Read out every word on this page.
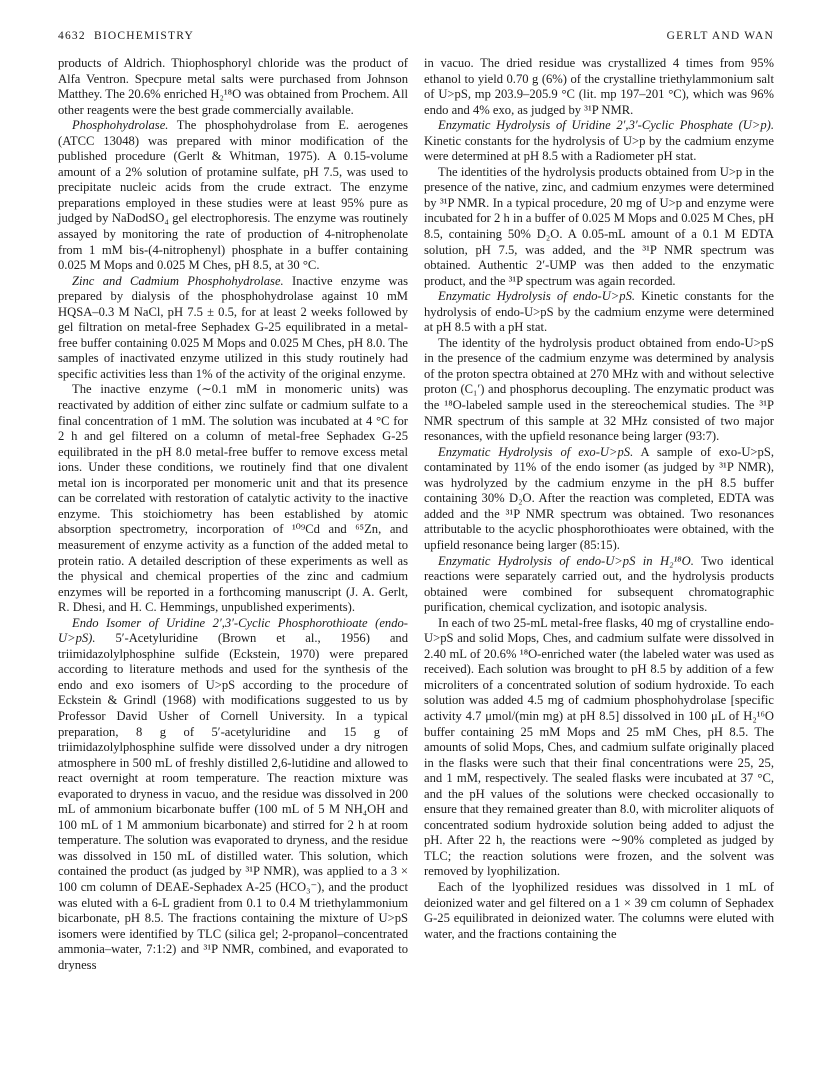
4632 BIOCHEMISTRY	GERLT AND WAN

products of Aldrich. Thiophosphoryl chloride was the product of Alfa Ventron. Specpure metal salts were purchased from Johnson Matthey. The 20.6% enriched H₂¹⁸O was obtained from Prochem. All other reagents were the best grade commercially available.

Phosphohydrolase. The phosphohydrolase from E. aerogenes (ATCC 13048) was prepared with minor modification of the published procedure (Gerlt & Whitman, 1975). A 0.15-volume amount of a 2% solution of protamine sulfate, pH 7.5, was used to precipitate nucleic acids from the crude extract. The enzyme preparations employed in these studies were at least 95% pure as judged by NaDodSO₄ gel electrophoresis. The enzyme was routinely assayed by monitoring the rate of production of 4-nitrophenolate from 1 mM bis-(4-nitrophenyl) phosphate in a buffer containing 0.025 M Mops and 0.025 M Ches, pH 8.5, at 30 °C.

Zinc and Cadmium Phosphohydrolase. Inactive enzyme was prepared by dialysis of the phosphohydrolase against 10 mM HQSA–0.3 M NaCl, pH 7.5 ± 0.5, for at least 2 weeks followed by gel filtration on metal-free Sephadex G-25 equilibrated in a metal-free buffer containing 0.025 M Mops and 0.025 M Ches, pH 8.0. The samples of inactivated enzyme utilized in this study routinely had specific activities less than 1% of the activity of the original enzyme.

The inactive enzyme (∼0.1 mM in monomeric units) was reactivated by addition of either zinc sulfate or cadmium sulfate to a final concentration of 1 mM. The solution was incubated at 4 °C for 2 h and gel filtered on a column of metal-free Sephadex G-25 equilibrated in the pH 8.0 metal-free buffer to remove excess metal ions. Under these conditions, we routinely find that one divalent metal ion is incorporated per monomeric unit and that its presence can be correlated with restoration of catalytic activity to the inactive enzyme. This stoichiometry has been established by atomic absorption spectrometry, incorporation of ¹⁰⁹Cd and ⁶⁵Zn, and measurement of enzyme activity as a function of the added metal to protein ratio. A detailed description of these experiments as well as the physical and chemical properties of the zinc and cadmium enzymes will be reported in a forthcoming manuscript (J. A. Gerlt, R. Dhesi, and H. C. Hemmings, unpublished experiments).

Endo Isomer of Uridine 2′,3′-Cyclic Phosphorothioate (endo-U>pS). 5′-Acetyluridine (Brown et al., 1956) and triimidazolylphosphine sulfide (Eckstein, 1970) were prepared according to literature methods and used for the synthesis of the endo and exo isomers of U>pS according to the procedure of Eckstein & Grindl (1968) with modifications suggested to us by Professor David Usher of Cornell University. In a typical preparation, 8 g of 5′-acetyluridine and 15 g of triimidazolylphosphine sulfide were dissolved under a dry nitrogen atmosphere in 500 mL of freshly distilled 2,6-lutidine and allowed to react overnight at room temperature. The reaction mixture was evaporated to dryness in vacuo, and the residue was dissolved in 200 mL of ammonium bicarbonate buffer (100 mL of 5 M NH₄OH and 100 mL of 1 M ammonium bicarbonate) and stirred for 2 h at room temperature. The solution was evaporated to dryness, and the residue was dissolved in 150 mL of distilled water. This solution, which contained the product (as judged by ³¹P NMR), was applied to a 3 × 100 cm column of DEAE-Sephadex A-25 (HCO₃⁻), and the product was eluted with a 6-L gradient from 0.1 to 0.4 M triethylammonium bicarbonate, pH 8.5. The fractions containing the mixture of U>pS isomers were identified by TLC (silica gel; 2-propanol–concentrated ammonia–water, 7:1:2) and ³¹P NMR, combined, and evaporated to dryness

in vacuo. The dried residue was crystallized 4 times from 95% ethanol to yield 0.70 g (6%) of the crystalline triethylammonium salt of U>pS, mp 203.9–205.9 °C (lit. mp 197–201 °C), which was 96% endo and 4% exo, as judged by ³¹P NMR.

Enzymatic Hydrolysis of Uridine 2′,3′-Cyclic Phosphate (U>p). Kinetic constants for the hydrolysis of U>p by the cadmium enzyme were determined at pH 8.5 with a Radiometer pH stat.

The identities of the hydrolysis products obtained from U>p in the presence of the native, zinc, and cadmium enzymes were determined by ³¹P NMR. In a typical procedure, 20 mg of U>p and enzyme were incubated for 2 h in a buffer of 0.025 M Mops and 0.025 M Ches, pH 8.5, containing 50% D₂O. A 0.05-mL amount of a 0.1 M EDTA solution, pH 7.5, was added, and the ³¹P NMR spectrum was obtained. Authentic 2′-UMP was then added to the enzymatic product, and the ³¹P spectrum was again recorded.

Enzymatic Hydrolysis of endo-U>pS. Kinetic constants for the hydrolysis of endo-U>pS by the cadmium enzyme were determined at pH 8.5 with a pH stat.

The identity of the hydrolysis product obtained from endo-U>pS in the presence of the cadmium enzyme was determined by analysis of the proton spectra obtained at 270 MHz with and without selective proton (C₁′) and phosphorus decoupling. The enzymatic product was the ¹⁸O-labeled sample used in the stereochemical studies. The ³¹P NMR spectrum of this sample at 32 MHz consisted of two major resonances, with the upfield resonance being larger (93:7).

Enzymatic Hydrolysis of exo-U>pS. A sample of exo-U>pS, contaminated by 11% of the endo isomer (as judged by ³¹P NMR), was hydrolyzed by the cadmium enzyme in the pH 8.5 buffer containing 30% D₂O. After the reaction was completed, EDTA was added and the ³¹P NMR spectrum was obtained. Two resonances attributable to the acyclic phosphorothioates were obtained, with the upfield resonance being larger (85:15).

Enzymatic Hydrolysis of endo-U>pS in H₂¹⁸O. Two identical reactions were separately carried out, and the hydrolysis products obtained were combined for subsequent chromatographic purification, chemical cyclization, and isotopic analysis.

In each of two 25-mL metal-free flasks, 40 mg of crystalline endo-U>pS and solid Mops, Ches, and cadmium sulfate were dissolved in 2.40 mL of 20.6% ¹⁸O-enriched water (the labeled water was used as received). Each solution was brought to pH 8.5 by addition of a few microliters of a concentrated solution of sodium hydroxide. To each solution was added 4.5 mg of cadmium phosphohydrolase [specific activity 4.7 μmol/(min mg) at pH 8.5] dissolved in 100 μL of H₂¹⁶O buffer containing 25 mM Mops and 25 mM Ches, pH 8.5. The amounts of solid Mops, Ches, and cadmium sulfate originally placed in the flasks were such that their final concentrations were 25, 25, and 1 mM, respectively. The sealed flasks were incubated at 37 °C, and the pH values of the solutions were checked occasionally to ensure that they remained greater than 8.0, with microliter aliquots of concentrated sodium hydroxide solution being added to adjust the pH. After 22 h, the reactions were ∼90% completed as judged by TLC; the reaction solutions were frozen, and the solvent was removed by lyophilization.

Each of the lyophilized residues was dissolved in 1 mL of deionized water and gel filtered on a 1 × 39 cm column of Sephadex G-25 equilibrated in deionized water. The columns were eluted with water, and the fractions containing the
